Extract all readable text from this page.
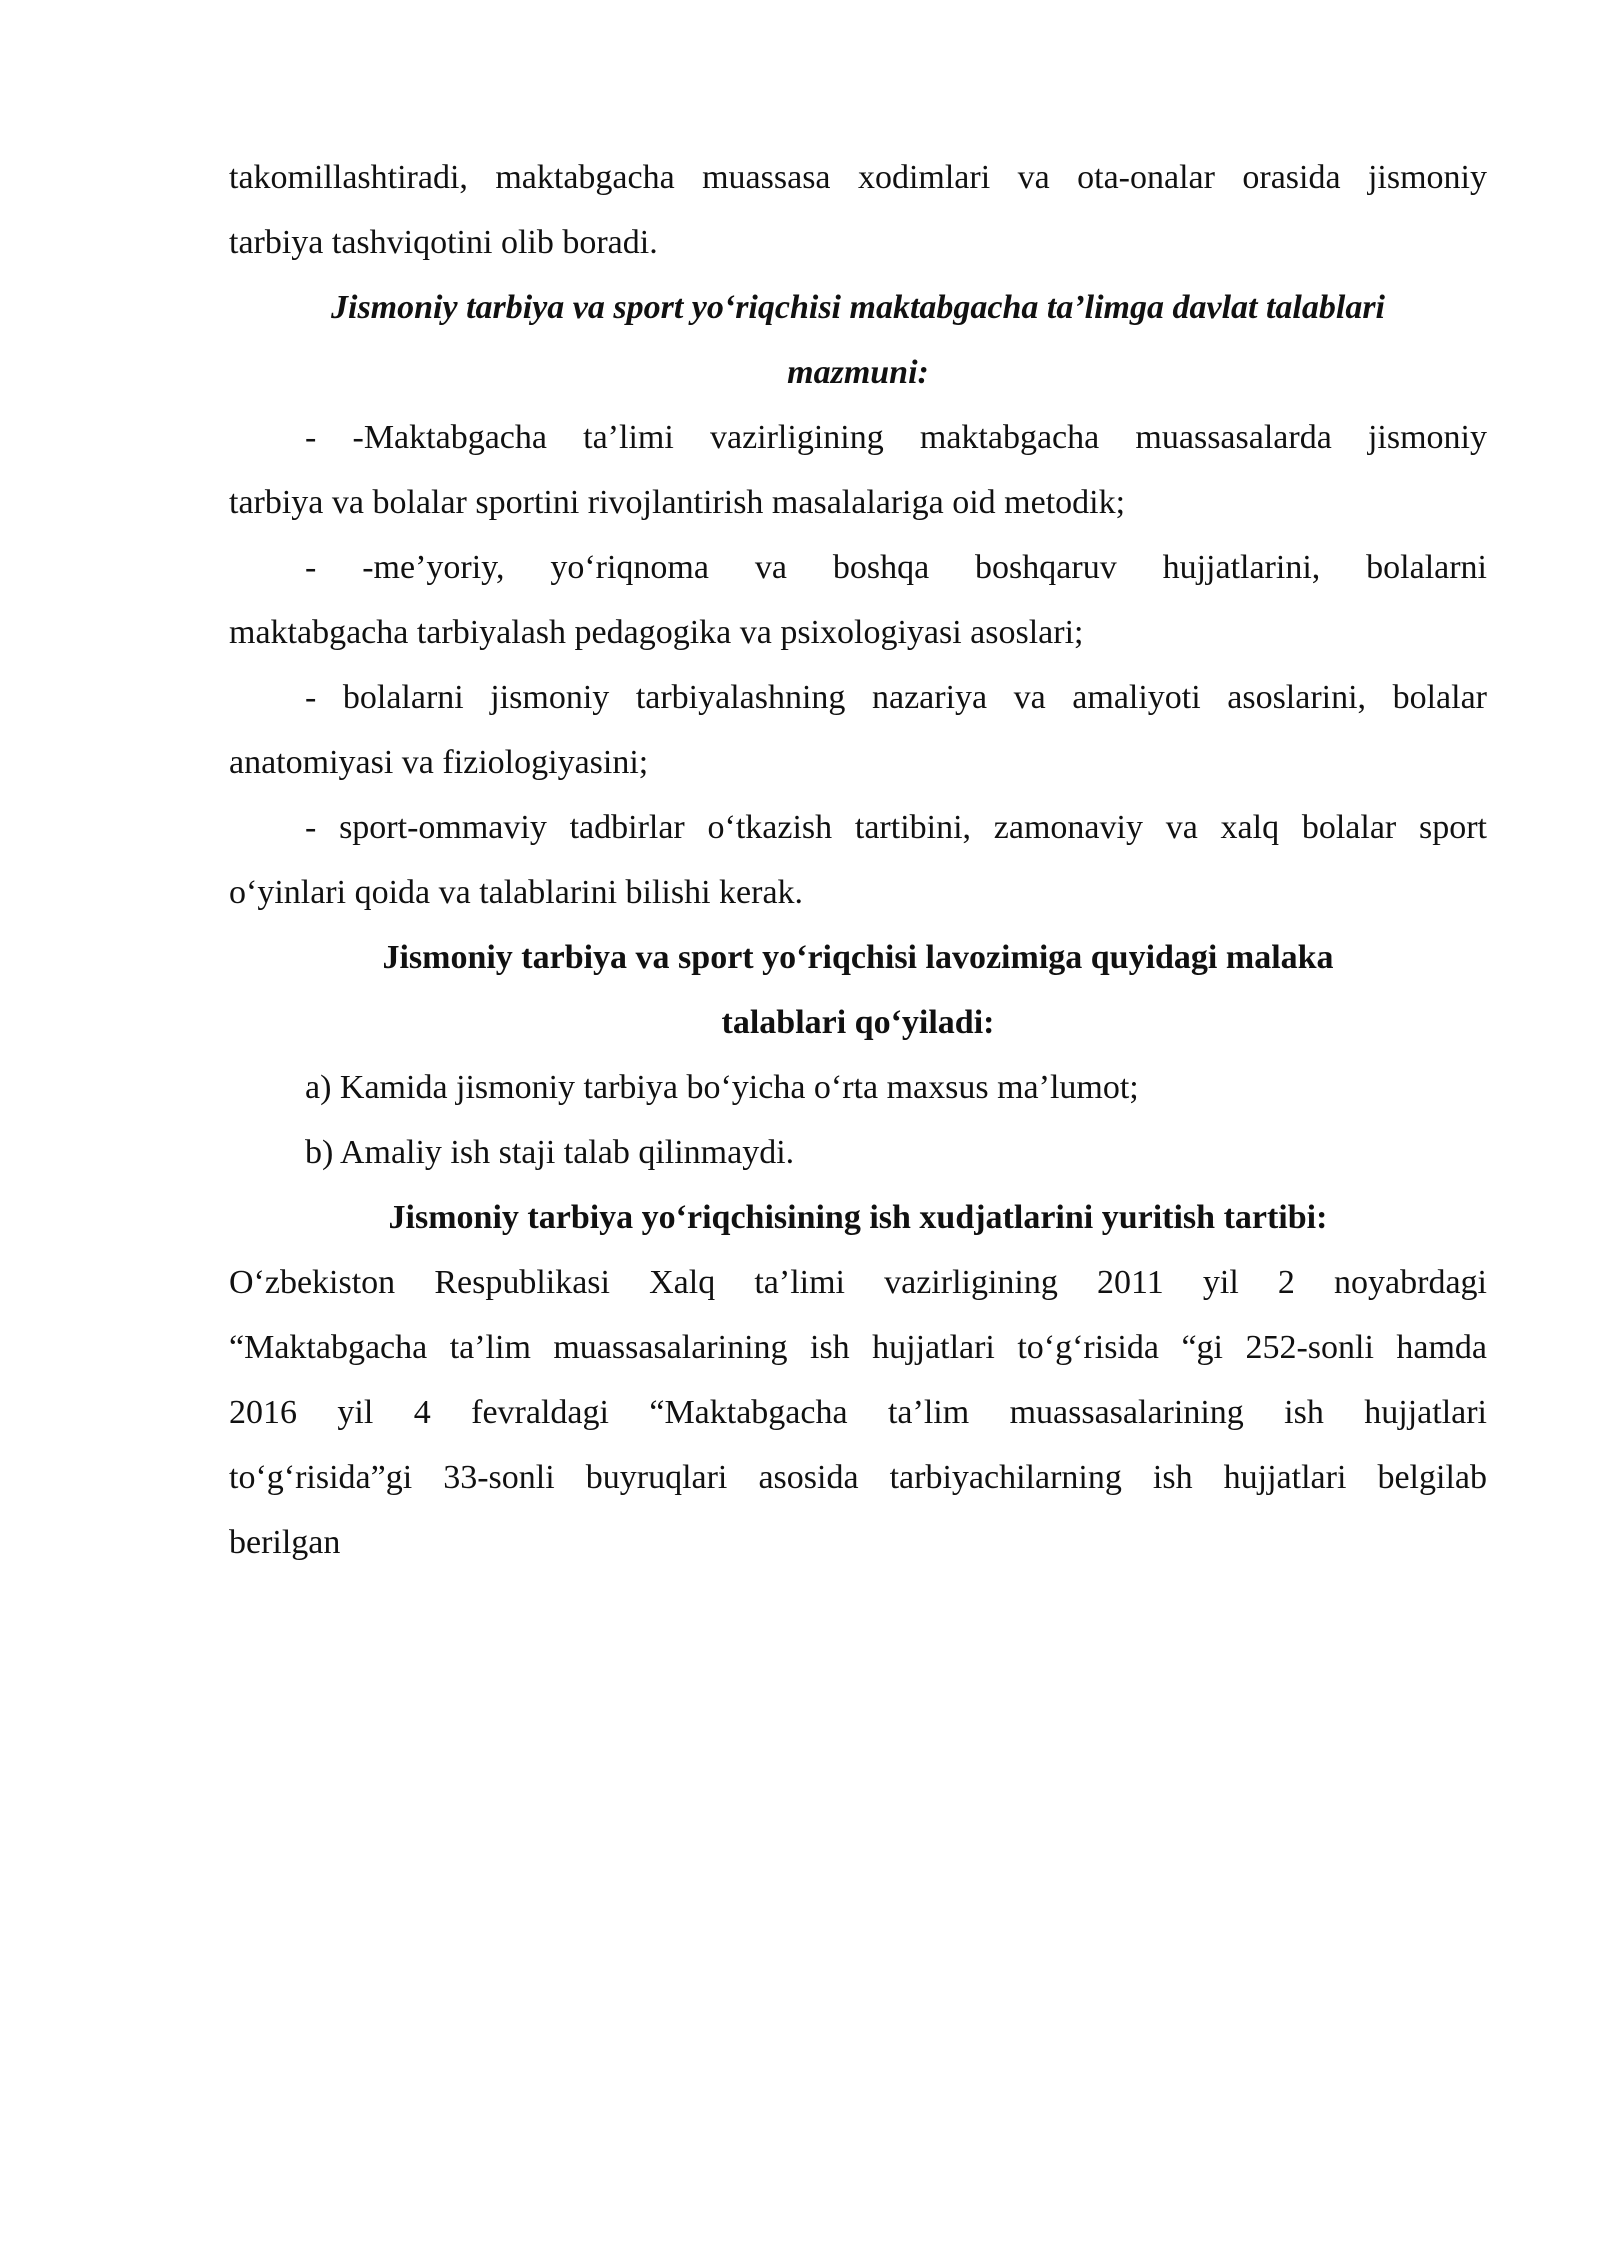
takomillashtiradi, maktabgacha muassasa xodimlari va ota-onalar orasida jismoniy
tarbiya tashviqotini olib boradi.
Jismoniy tarbiya va sport yo‘riqchisi maktabgacha ta’limga davlat talablari
mazmuni:
- -Maktabgacha ta’limi vazirligining maktabgacha muassasalarda jismoniy
tarbiya va bolalar sportini rivojlantirish masalalariga oid metodik;
- -me’yoriy, yo‘riqnoma va boshqa boshqaruv hujjatlarini, bolalarni
maktabgacha tarbiyalash pedagogika va psixologiyasi asoslari;
- bolalarni jismoniy tarbiyalashning nazariya va amaliyoti asoslarini, bolalar
anatomiyasi va fiziologiyasini;
- sport-ommaviy tadbirlar o‘tkazish tartibini, zamonaviy va xalq bolalar sport
o‘yinlari qoida va talablarini bilishi kerak.
Jismoniy tarbiya va sport yo‘riqchisi lavozimiga quyidagi malaka
talablari qo‘yiladi:
a) Kamida jismoniy tarbiya bo‘yicha o‘rta maxsus ma’lumot;
b) Amaliy ish staji talab qilinmaydi.
Jismoniy tarbiya yo‘riqchisining ish xudjatlarini yuritish tartibi:
O‘zbekiston Respublikasi Xalq ta’limi vazirligining 2011 yil 2 noyabrdagi
“Maktabgacha ta’lim muassasalarining ish hujjatlari to‘g‘risida “gi 252-sonli hamda
2016 yil 4 fevraldagi “Maktabgacha ta’lim muassasalarining ish hujjatlari
to‘g‘risida”gi 33-sonli buyruqlari asosida tarbiyachilarning ish hujjatlari belgilab
berilgan
